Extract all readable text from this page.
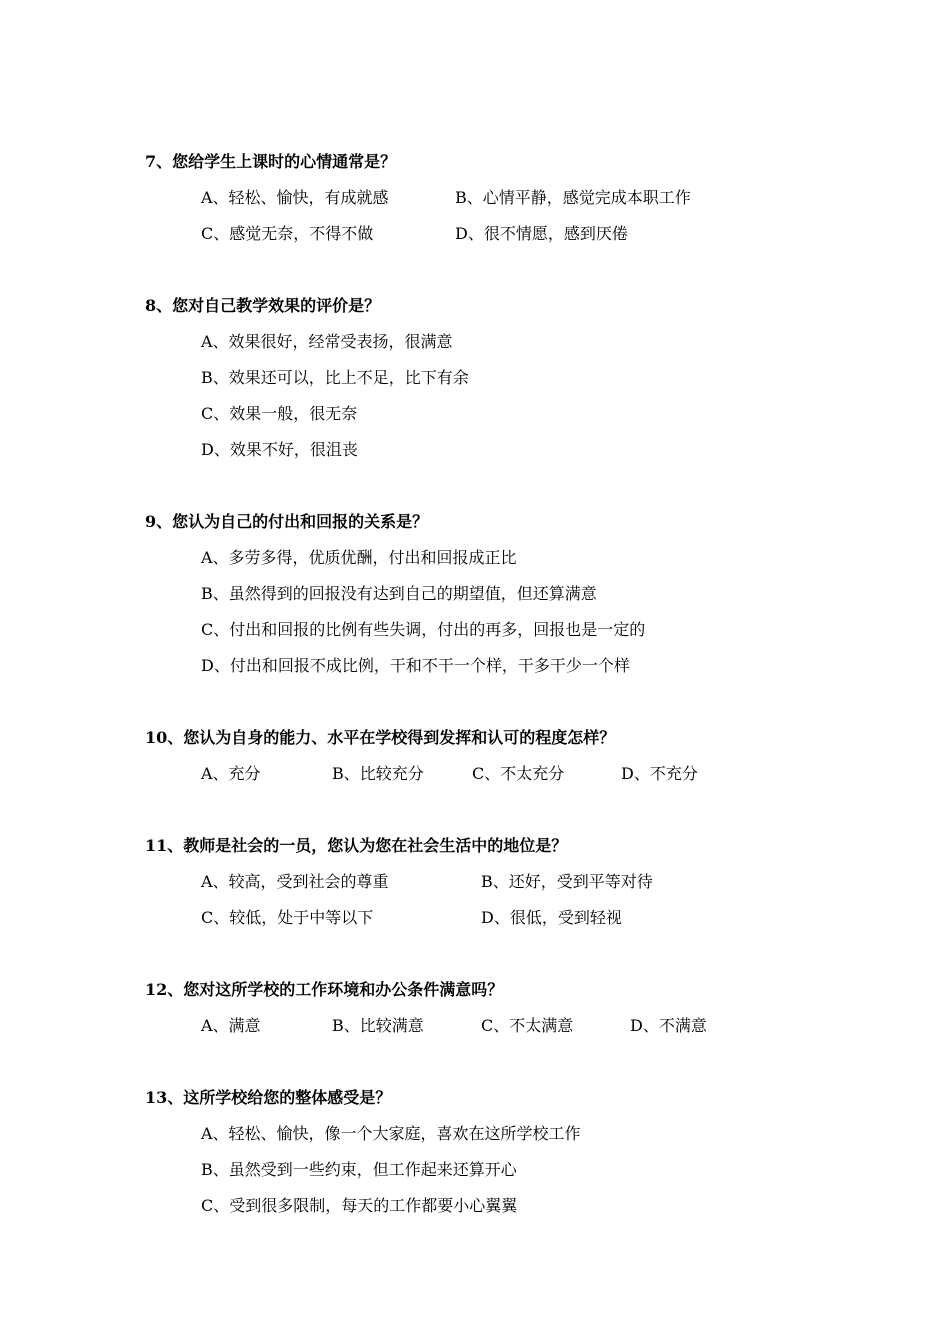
7、您给学生上课时的心情通常是？
A、轻松、愉快，有成就感	B、心情平静，感觉完成本职工作
C、感觉无奈，不得不做	D、很不情愿，感到厌倦
8、您对自己教学效果的评价是？
A、效果很好，经常受表扬，很满意
B、效果还可以，比上不足，比下有余
C、效果一般，很无奈
D、效果不好，很沮丧
9、您认为自己的付出和回报的关系是？
A、多劳多得，优质优酬，付出和回报成正比
B、虽然得到的回报没有达到自己的期望值，但还算满意
C、付出和回报的比例有些失调，付出的再多，回报也是一定的
D、付出和回报不成比例，干和不干一个样，干多干少一个样
10、您认为自身的能力、水平在学校得到发挥和认可的程度怎样？
A、充分	B、比较充分	C、不太充分	D、不充分
11、教师是社会的一员，您认为您在社会生活中的地位是？
A、较高，受到社会的尊重	B、还好，受到平等对待
C、较低，处于中等以下	D、很低，受到轻视
12、您对这所学校的工作环境和办公条件满意吗？
A、满意	B、比较满意	C、不太满意	D、不满意
13、这所学校给您的整体感受是？
A、轻松、愉快，像一个大家庭，喜欢在这所学校工作
B、虽然受到一些约束，但工作起来还算开心
C、受到很多限制，每天的工作都要小心翼翼
